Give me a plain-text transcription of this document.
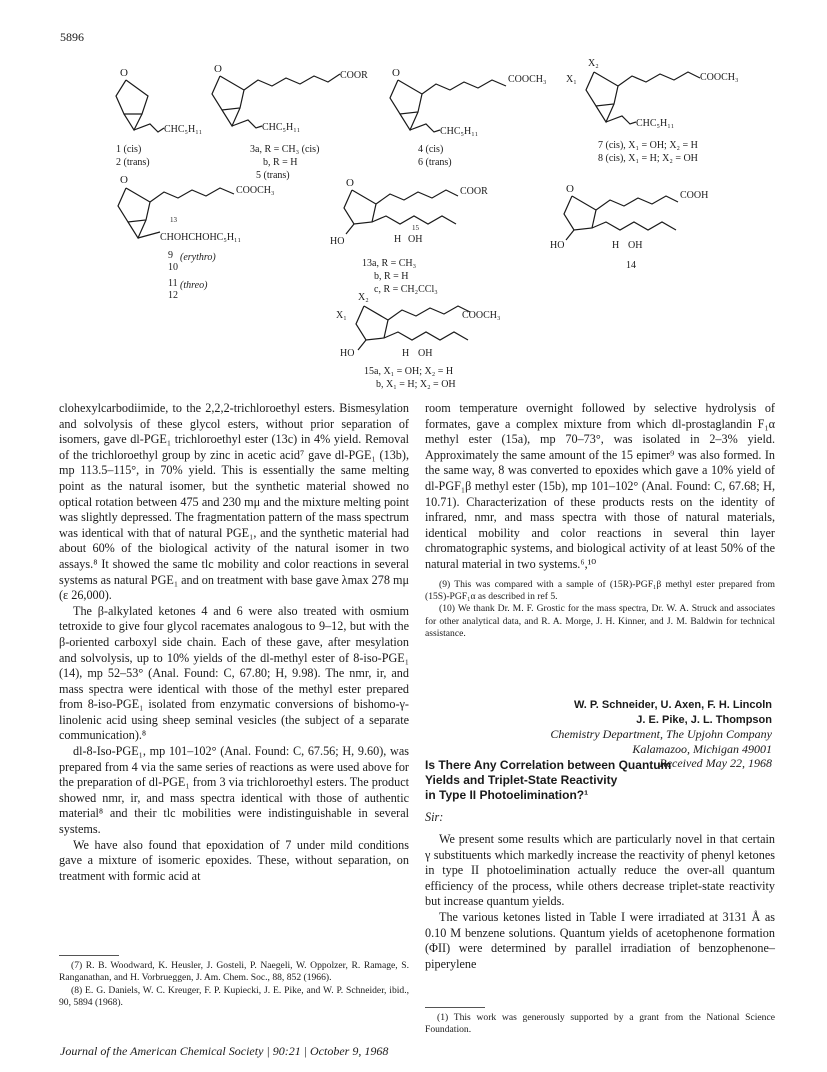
5896
O
CHC₅H₁₁
1 (cis)
2 (trans)
O
COOR
CHC₅H₁₁
3a, R = CH₃ (cis)
b, R = H
5 (trans)
O
COOCH₃
CHC₅H₁₁
4 (cis)
6 (trans)
X₂
X₁	COOCH₃
CHC₅H₁₁
7 (cis), X₁ = OH; X₂ = H
8 (cis), X₁ = H; X₂ = OH
O
COOCH₃
13
CHOHCHOHC₅H₁₁
9 (erythro)
10
11 (threo)
12
O
COOR
HO	H
15
OH
13a, R = CH₃
b, R = H
c, R = CH₂CCl₃
O
COOH
HO	H OH
14
X₂
X₁	COOCH₃
HO	H OH
15a, X₁ = OH; X₂ = H
b, X₁ = H; X₂ = OH

clohexylcarbodiimide, to the 2,2,2-trichloroethyl esters. Bismesylation and solvolysis of these glycol esters, without prior separation of isomers, gave dl-PGE₁ trichloroethyl ester (13c) in 4% yield. Removal of the trichloroethyl group by zinc in acetic acid⁷ gave dl-PGE₁ (13b), mp 113.5–115°, in 70% yield. This is essentially the same melting point as the natural isomer, but the synthetic material showed no optical rotation between 475 and 230 mμ and the mixture melting point was slightly depressed. The fragmentation pattern of the mass spectrum was identical with that of natural PGE₁, and the synthetic material had about 60% of the biological activity of the natural isomer in two assays.⁸ It showed the same tlc mobility and color reactions in several systems as natural PGE₁ and on treatment with base gave λmax 278 mμ (ε 26,000).

The β-alkylated ketones 4 and 6 were also treated with osmium tetroxide to give four glycol racemates analogous to 9–12, but with the β-oriented carboxyl side chain. Each of these gave, after mesylation and solvolysis, up to 10% yields of the dl-methyl ester of 8-iso-PGE₁ (14), mp 52–53° (Anal. Found: C, 67.80; H, 9.98). The nmr, ir, and mass spectra were identical with those of the methyl ester prepared from 8-iso-PGE₁ isolated from enzymatic conversions of bishomo-γ-linolenic acid using sheep seminal vesicles (the subject of a separate communication).⁸

dl-8-Iso-PGE₁, mp 101–102° (Anal. Found: C, 67.56; H, 9.60), was prepared from 4 via the same series of reactions as were used above for the preparation of dl-PGE₁ from 3 via trichloroethyl esters. The product showed nmr, ir, and mass spectra identical with those of authentic material⁸ and their tlc mobilities were indistinguishable in several systems.

We have also found that epoxidation of 7 under mild conditions gave a mixture of isomeric epoxides. These, without separation, on treatment with formic acid at

(7) R. B. Woodward, K. Heusler, J. Gosteli, P. Naegeli, W. Oppolzer, R. Ramage, S. Ranganathan, and H. Vorbrueggen, J. Am. Chem. Soc., 88, 852 (1966).

(8) E. G. Daniels, W. C. Kreuger, F. P. Kupiecki, J. E. Pike, and W. P. Schneider, ibid., 90, 5894 (1968).

room temperature overnight followed by selective hydrolysis of formates, gave a complex mixture from which dl-prostaglandin F₁α methyl ester (15a), mp 70–73°, was isolated in 2–3% yield. Approximately the same amount of the 15 epimer⁹ was also formed. In the same way, 8 was converted to epoxides which gave a 10% yield of dl-PGF₁β methyl ester (15b), mp 101–102° (Anal. Found: C, 67.68; H, 10.71). Characterization of these products rests on the identity of infrared, nmr, and mass spectra with those of natural materials, identical mobility and color reactions in several thin layer chromatographic systems, and biological activity of at least 50% of the natural material in two systems.⁶,¹⁰

(9) This was compared with a sample of (15R)-PGF₁β methyl ester prepared from (15S)-PGF₁α as described in ref 5.

(10) We thank Dr. M. F. Grostic for the mass spectra, Dr. W. A. Struck and associates for other analytical data, and R. A. Morge, J. H. Kinner, and J. M. Baldwin for technical assistance.

W. P. Schneider, U. Axen, F. H. Lincoln
J. E. Pike, J. L. Thompson
Chemistry Department, The Upjohn Company
Kalamazoo, Michigan 49001
Received May 22, 1968
Is There Any Correlation between Quantum
Yields and Triplet-State Reactivity
in Type II Photoelimination?¹
Sir:

We present some results which are particularly novel in that certain γ substituents which markedly increase the reactivity of phenyl ketones in type II photoelimination actually reduce the over-all quantum efficiency of the process, while others decrease triplet-state reactivity but increase quantum yields.

The various ketones listed in Table I were irradiated at 3131 Å as 0.10 M benzene solutions. Quantum yields of acetophenone formation (ΦII) were determined by parallel irradiation of benzophenone–piperylene

(1) This work was generously supported by a grant from the National Science Foundation.

Journal of the American Chemical Society | 90:21 | October 9, 1968
